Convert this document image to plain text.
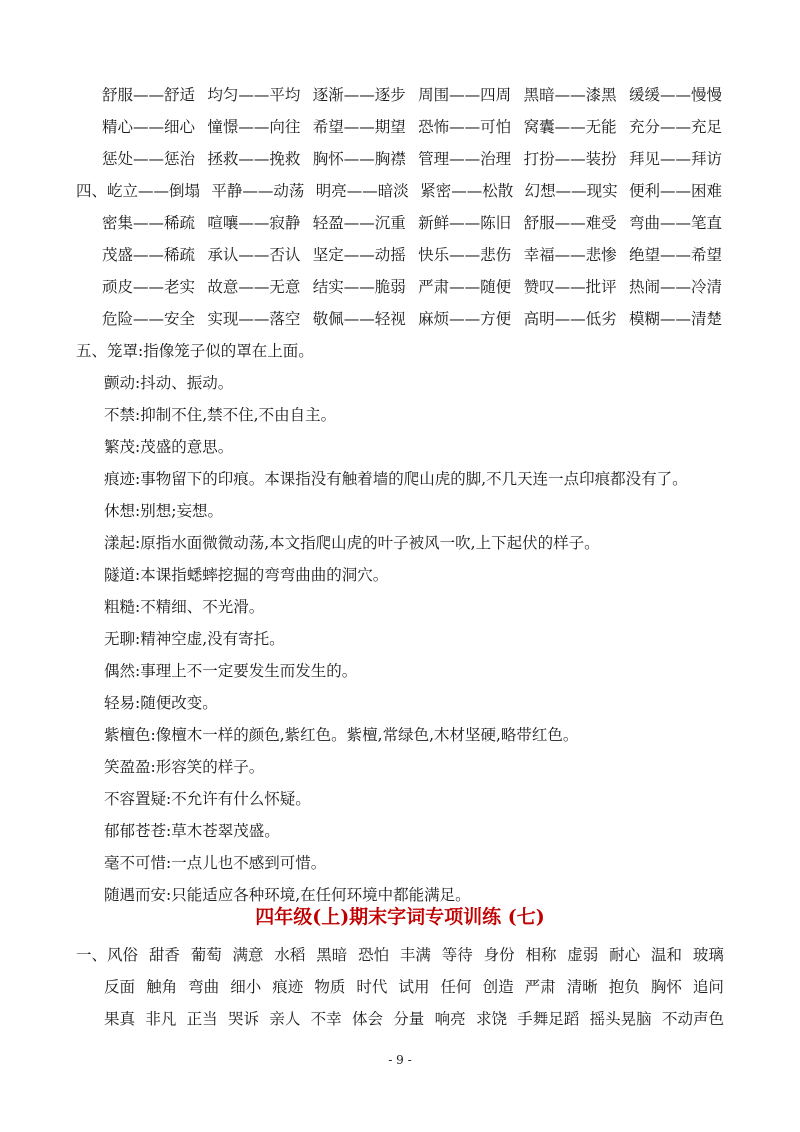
舒服——舒适 均匀——平均 逐渐——逐步 周围——四周 黑暗——漆黑 缓缓——慢慢
精心——细心 憧憬——向往 希望——期望 恐怖——可怕 窝囊——无能 充分——充足
惩处——惩治 拯救——挽救 胸怀——胸襟 管理——治理 打扮——装扮 拜见——拜访
四、屹立——倒塌 平静——动荡 明亮——暗淡 紧密——松散 幻想——现实 便利——困难
密集——稀疏 喧嚷——寂静 轻盈——沉重 新鲜——陈旧 舒服——难受 弯曲——笔直
茂盛——稀疏 承认——否认 坚定——动摇 快乐——悲伤 幸福——悲惨 绝望——希望
顽皮——老实 故意——无意 结实——脆弱 严肃——随便 赞叹——批评 热闹——冷清
危险——安全 实现——落空 敬佩——轻视 麻烦——方便 高明——低劣 模糊——清楚
五、笼罩:指像笼子似的罩在上面。
颤动:抖动、振动。
不禁:抑制不住,禁不住,不由自主。
繁茂:茂盛的意思。
痕迹:事物留下的印痕。本课指没有触着墙的爬山虎的脚,不几天连一点印痕都没有了。
休想:别想;妄想。
漾起:原指水面微微动荡,本文指爬山虎的叶子被风一吹,上下起伏的样子。
隧道:本课指蟋蟀挖掘的弯弯曲曲的洞穴。
粗糙:不精细、不光滑。
无聊:精神空虚,没有寄托。
偶然:事理上不一定要发生而发生的。
轻易:随便改变。
紫檀色:像檀木一样的颜色,紫红色。紫檀,常绿色,木材坚硬,略带红色。
笑盈盈:形容笑的样子。
不容置疑:不允许有什么怀疑。
郁郁苍苍:草木苍翠茂盛。
毫不可惜:一点儿也不感到可惜。
随遇而安:只能适应各种环境,在任何环境中都能满足。
四年级(上)期末字词专项训练 (七)
一、风俗 甜香 葡萄 满意 水稻 黑暗 恐怕 丰满 等待 身份 相称 虚弱 耐心 温和 玻璃
反面 触角 弯曲 细小 痕迹 物质 时代 试用 任何 创造 严肃 清晰 抱负 胸怀 追问
果真 非凡 正当 哭诉 亲人 不幸 体会 分量 响亮 求饶 手舞足蹈 摇头晃脑 不动声色
- 9 -
